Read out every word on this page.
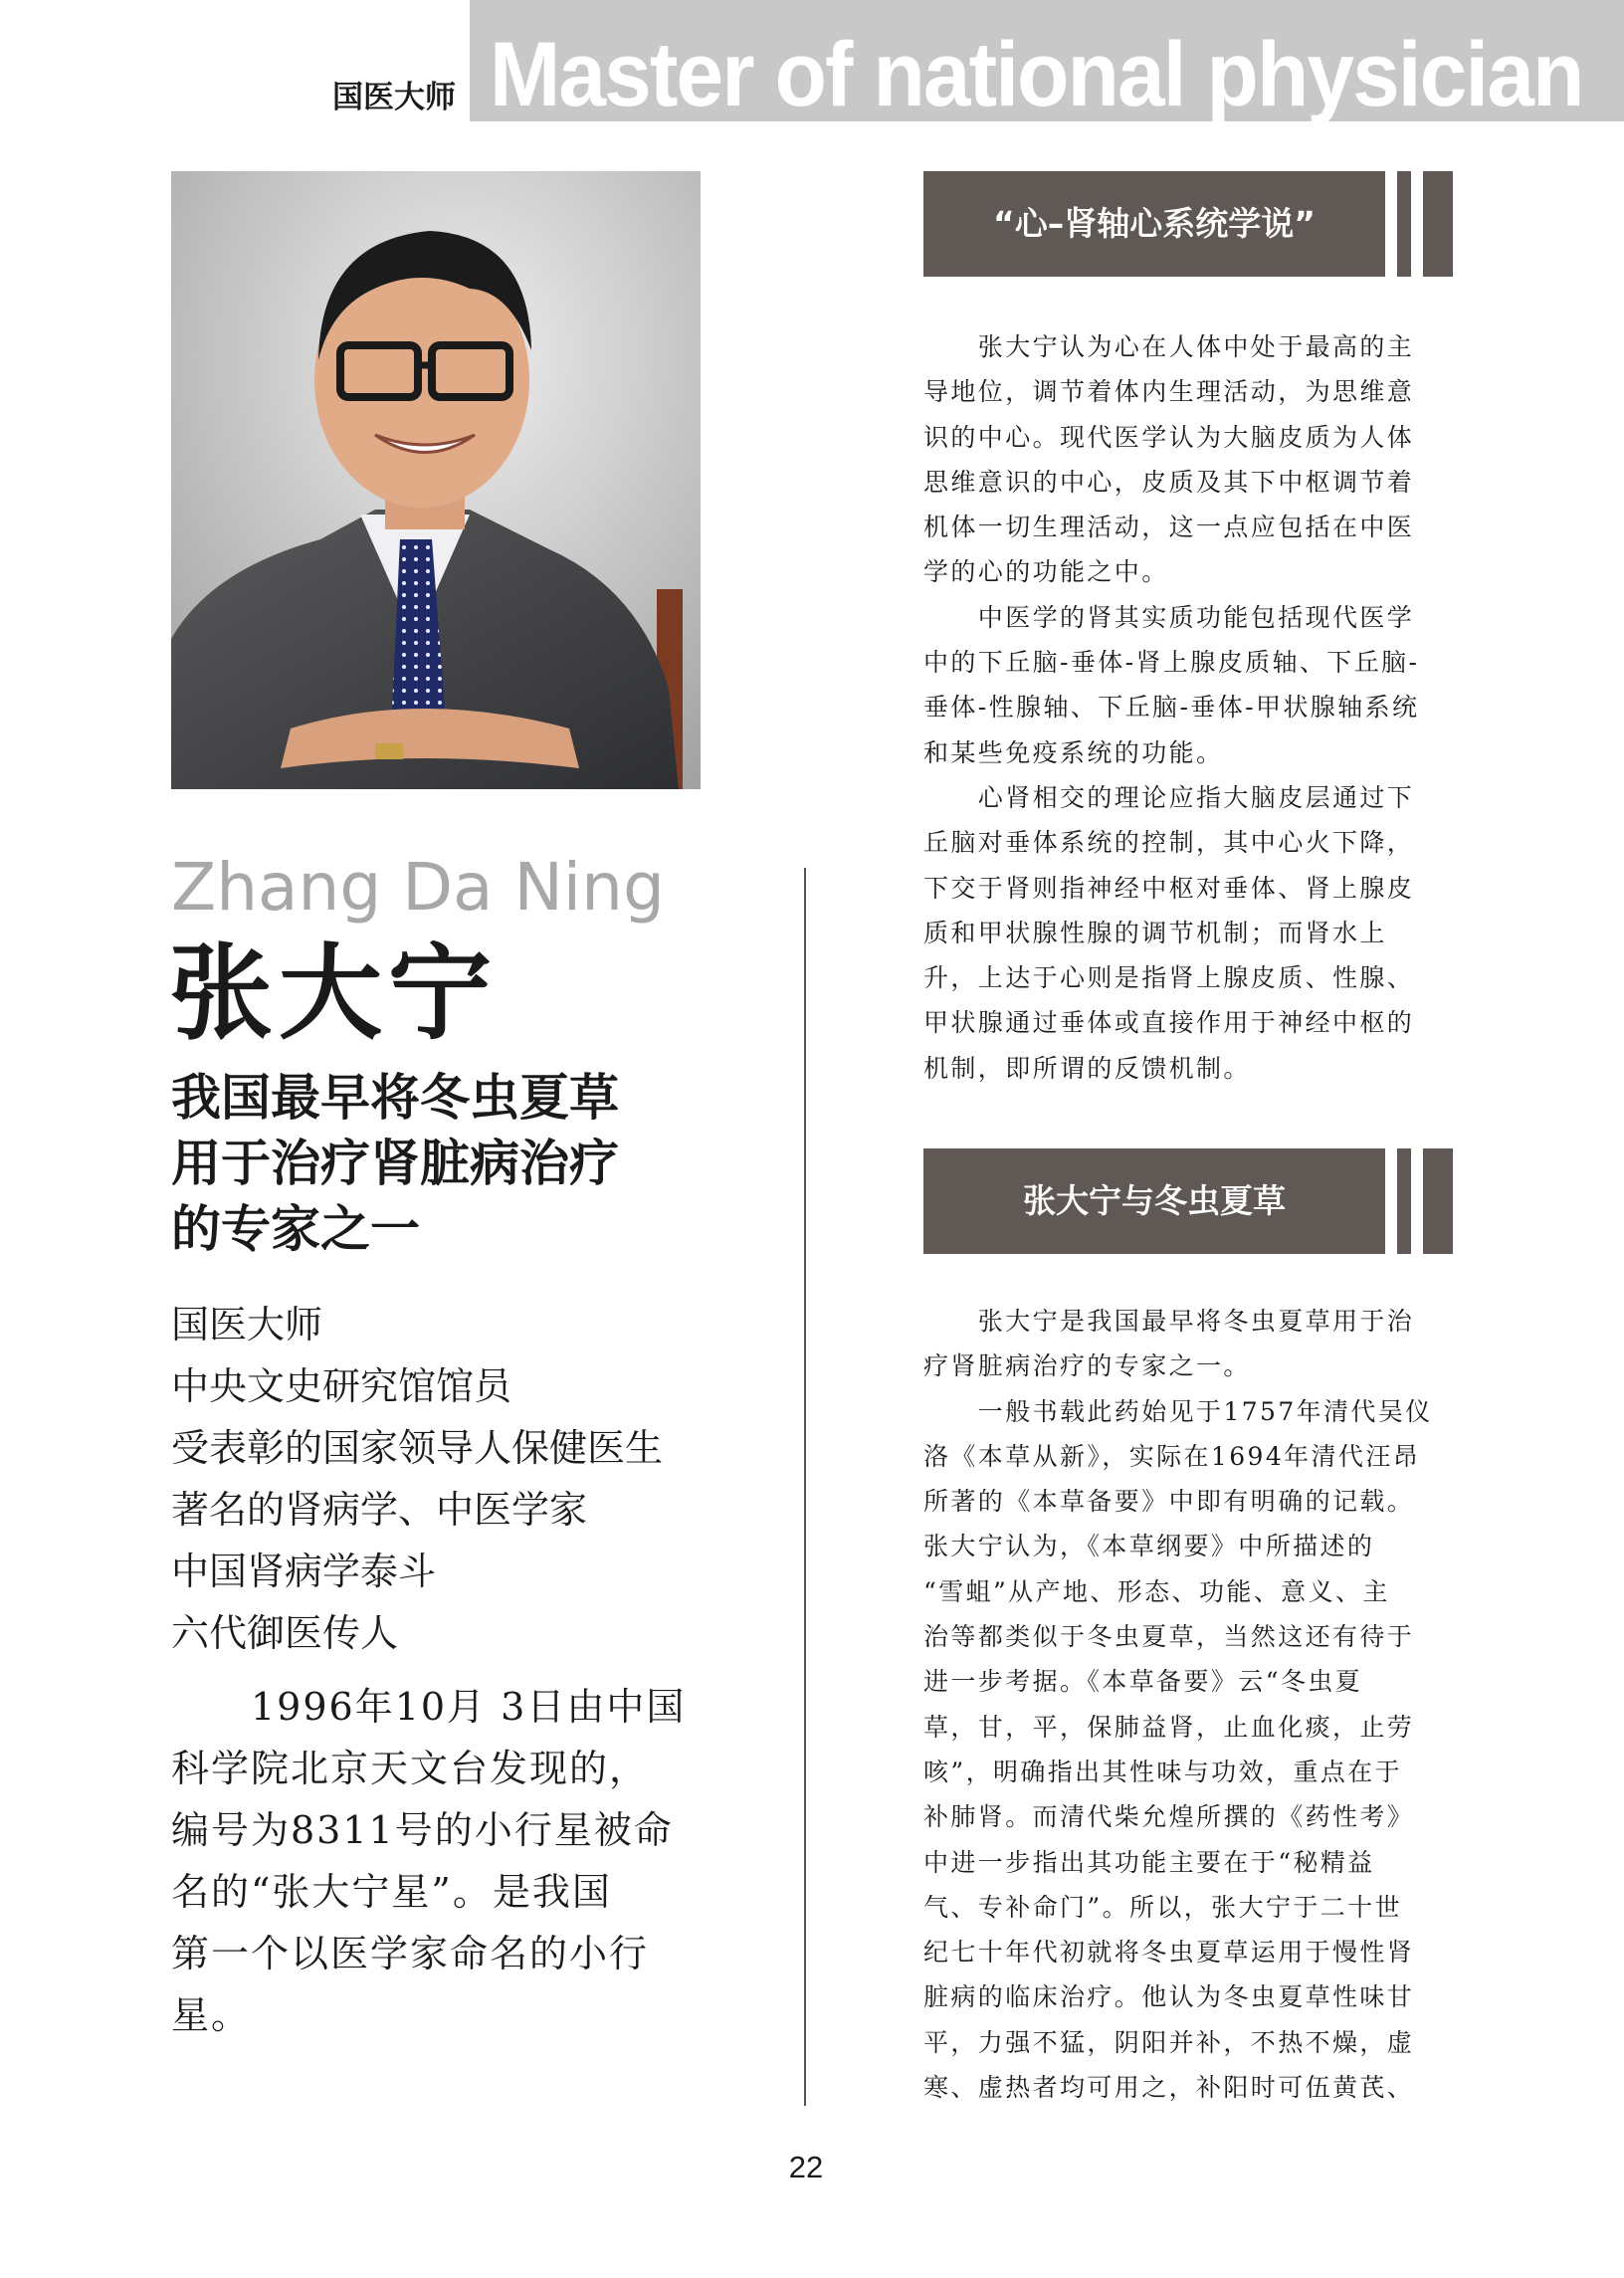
Master of national physician
国医大师
Zhang Da Ning
张大宁
我国最早将冬虫夏草
用于治疗肾脏病治疗
的专家之一
国医大师
中央文史研究馆馆员
受表彰的国家领导人保健医生
著名的肾病学、中医学家
中国肾病学泰斗
六代御医传人
　　1996年10月 3日由中国
科学院北京天文台发现的，
编号为8311号的小行星被命
名的“张大宁星”。是我国
第一个以医学家命名的小行
星。
“心–肾轴心系统学说”
　　张大宁认为心在人体中处于最高的主
导地位，调节着体内生理活动，为思维意
识的中心。现代医学认为大脑皮质为人体
思维意识的中心，皮质及其下中枢调节着
机体一切生理活动，这一点应包括在中医
学的心的功能之中。
　　中医学的肾其实质功能包括现代医学
中的下丘脑-垂体-肾上腺皮质轴、下丘脑-
垂体-性腺轴、下丘脑-垂体-甲状腺轴系统
和某些免疫系统的功能。
　　心肾相交的理论应指大脑皮层通过下
丘脑对垂体系统的控制，其中心火下降，
下交于肾则指神经中枢对垂体、肾上腺皮
质和甲状腺性腺的调节机制；而肾水上
升，上达于心则是指肾上腺皮质、性腺、
甲状腺通过垂体或直接作用于神经中枢的
机制，即所谓的反馈机制。
张大宁与冬虫夏草
　　张大宁是我国最早将冬虫夏草用于治
疗肾脏病治疗的专家之一。
　　一般书载此药始见于1757年清代吴仪
洛《本草从新》，实际在1694年清代汪昂
所著的《本草备要》中即有明确的记载。
张大宁认为，《本草纲要》中所描述的
“雪蛆”从产地、形态、功能、意义、主
治等都类似于冬虫夏草，当然这还有待于
进一步考据。《本草备要》云“冬虫夏
草，甘，平，保肺益肾，止血化痰，止劳
咳”，明确指出其性味与功效，重点在于
补肺肾。而清代柴允煌所撰的《药性考》
中进一步指出其功能主要在于“秘精益
气、专补命门”。所以，张大宁于二十世
纪七十年代初就将冬虫夏草运用于慢性肾
脏病的临床治疗。他认为冬虫夏草性味甘
平，力强不猛，阴阳并补，不热不燥，虚
寒、虚热者均可用之，补阳时可伍黄芪、
22
